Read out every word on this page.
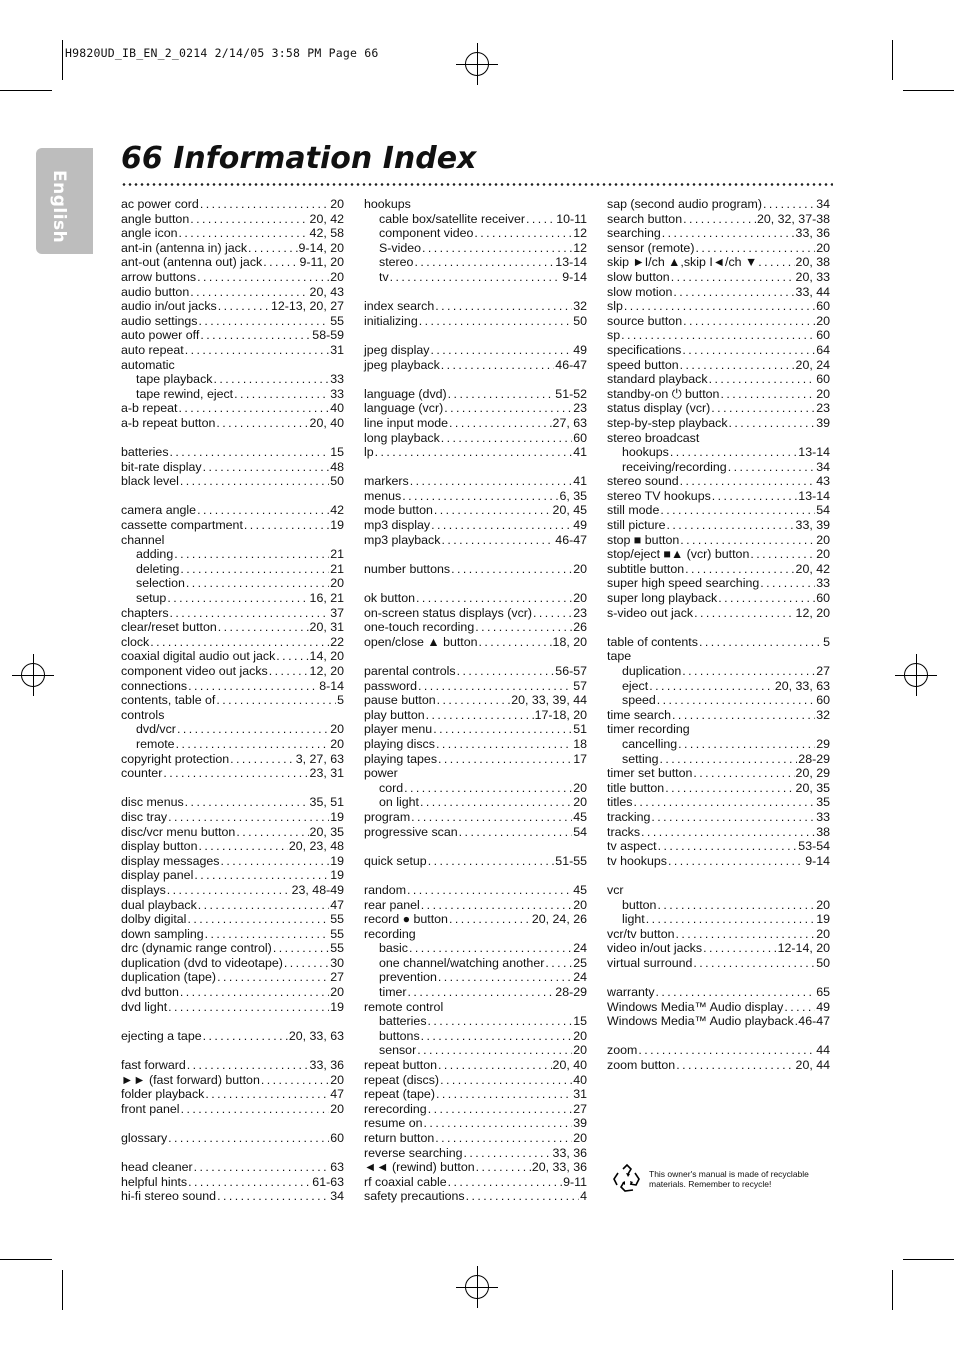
H9820UD_IB_EN_2_0214 2/14/05 3:58 PM Page 66
English
66 Information Index
ac power cord . . .	20
angle button . . .	20, 42
angle icon . . .	42, 58
ant-in (antenna in) jack . . .	9-14, 20
ant-out (antenna out) jack . . .	9-11, 20
arrow buttons . . .	20
audio button . . .	20, 43
audio in/out jacks . . .	12-13, 20, 27
audio settings . . .	55
auto power off . . .	58-59
auto repeat . . .	31
automatic
tape playback . . .	33
tape rewind, eject . . .	33
a-b repeat . . .	40
a-b repeat button . . .	20, 40
batteries . . .	15
bit-rate display . . .	48
black level . . .	50
camera angle . . .	42
cassette compartment . . .	19
channel
adding . . .	21
deleting . . .	21
selection . . .	20
setup . . .	16, 21
chapters . . .	37
clear/reset button . . .	20, 31
clock . . .	22
coaxial digital audio out jack . . .	14, 20
component video out jacks . . .	12, 20
connections . . .	8-14
contents, table of . . .	5
controls
dvd/vcr . . .	20
remote . . .	20
copyright protection . . .	3, 27, 63
counter . . .	23, 31
disc menus . . .	35, 51
disc tray . . .	19
disc/vcr menu button . . .	20, 35
display button . . .	20, 23, 48
display messages . . .	19
display panel . . .	19
displays . . .	23, 48-49
dual playback . . .	47
dolby digital . . .	55
down sampling . . .	55
drc (dynamic range control) . . .	55
duplication (dvd to videotape) . . .	30
duplication (tape) . . .	27
dvd button . . .	20
dvd light . . .	19
ejecting a tape . . .	20, 33, 63
fast forward . . .	33, 36
►► (fast forward) button . . .	20
folder playback . . .	47
front panel . . .	20
glossary . . .	60
head cleaner . . .	63
helpful hints . . .	61-63
hi-fi stereo sound . . .	34
hookups
cable box/satellite receiver . . .	10-11
component video . . .	12
S-video . . .	12
stereo . . .	13-14
tv . . .	9-14
index search . . .	32
initializing . . .	50
jpeg display . . .	49
jpeg playback . . .	46-47
language (dvd) . . .	51-52
language (vcr) . . .	23
line input mode . . .	27, 63
long playback . . .	60
lp . . .	41
markers . . .	41
menus . . .	6, 35
mode button . . .	20, 45
mp3 display . . .	49
mp3 playback . . .	46-47
number buttons . . .	20
ok button . . .	20
on-screen status displays (vcr) . . .	23
one-touch recording . . .	26
open/close ▲ button . . .	18, 20
parental controls . . .	56-57
password . . .	57
pause button . . .	20, 33, 39, 44
play button . . .	17-18, 20
player menu . . .	51
playing discs . . .	18
playing tapes . . .	17
power
cord . . .	20
on light . . .	20
program . . .	45
progressive scan . . .	54
quick setup . . .	51-55
random . . .	45
rear panel . . .	20
record ● button . . .	20, 24, 26
recording
basic . . .	24
one channel/watching another . . . 25
prevention . . .	24
timer . . .	28-29
remote control
batteries . . .	15
buttons . . .	20
sensor . . .	20
repeat button . . .	20, 40
repeat (discs) . . .	40
repeat (tape) . . .	31
rerecording . . .	27
resume on . . .	39
return button . . .	20
reverse searching . . .	33, 36
◄◄ (rewind) button . . .	20, 33, 36
rf coaxial cable . . .	9-11
safety precautions . . .	4
sap (second audio program) . . .	34
search button . . .	20, 32, 37-38
searching . . .	33, 36
sensor (remote) . . .	20
skip ►I/ch ▲,skip I◄/ch ▼ . . .	20, 38
slow button . . .	20, 33
slow motion . . .	33, 44
slp . . .	60
source button . . .	20
sp . . .	60
specifications . . .	64
speed button . . .	20, 24
standard playback . . .	60
standby-on ⏻ button . . .	20
status display (vcr) . . .	23
step-by-step playback . . .	39
stereo broadcast
hookups . . .	13-14
receiving/recording . . .	34
stereo sound . . .	43
stereo TV hookups . . .	13-14
still mode . . .	54
still picture . . .	33, 39
stop ■ button . . .	20
stop/eject ■▲ (vcr) button . . .	20
subtitle button . . .	20, 42
super high speed searching . . .	33
super long playback . . .	60
s-video out jack . . .	12, 20
table of contents . . .	5
tape
duplication . . .	27
eject . . .	20, 33, 63
speed . . .	60
time search . . .	32
timer recording
cancelling . . .	29
setting . . .	28-29
timer set button . . .	20, 29
title button . . .	20, 35
titles . . .	35
tracking . . .	33
tracks . . .	38
tv aspect . . .	53-54
tv hookups . . .	9-14
vcr
button . . .	20
light . . .	19
vcr/tv button . . .	20
video in/out jacks . . .	12-14, 20
virtual surround . . .	50
warranty . . .	65
Windows Media™ Audio display . . .	49
Windows Media™ Audio playback . . . 46-47
zoom . . .	44
zoom button . . .	20, 44
This owner's manual is made of recyclable materials. Remember to recycle!
